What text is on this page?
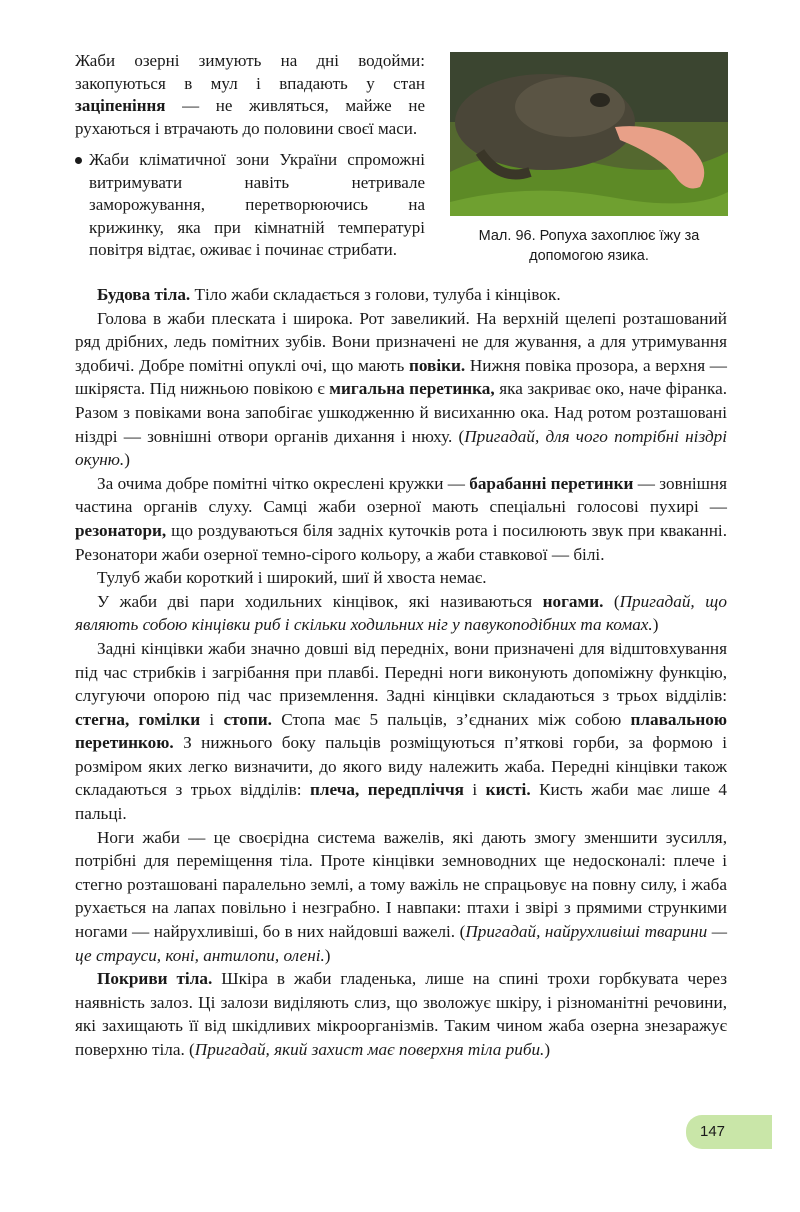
Жаби озерні зимують на дні водойми: закопуються в мул і впадають у стан заціпеніння — не живляться, майже не рухаються і втрачають до половини своєї маси.

Жаби кліматичної зони України спроможні витримувати навіть нетривале заморожування, перетворюючись на крижинку, яка при кімнатній температурі повітря відтає, оживає і починає стрибати.

Мал. 96. Ропуха захоплює їжу за допомогою язика.

Будова тіла. Тіло жаби складається з голови, тулуба і кінцівок.

Голова в жаби плеската і широка. Рот завеликий. На верхній щелепі розташований ряд дрібних, ледь помітних зубів. Вони призначені не для жування, а для утримування здобичі. Добре помітні опуклі очі, що мають повіки. Нижня повіка прозора, а верхня — шкіряста. Під нижньою повікою є мигальна перетинка, яка закриває око, наче фіранка. Разом з повіками вона запобігає ушкодженню й висиханню ока. Над ротом розташовані ніздрі — зовнішні отвори органів дихання і нюху. (Пригадай, для чого потрібні ніздрі окуню.)

За очима добре помітні чітко окреслені кружки — барабанні перетинки — зовнішня частина органів слуху. Самці жаби озерної мають спеціальні голосові пухирі — резонатори, що роздуваються біля задніх куточків рота і посилюють звук при кваканні. Резонатори жаби озерної темно-сірого кольору, а жаби ставкової — білі.

Тулуб жаби короткий і широкий, шиї й хвоста немає.

У жаби дві пари ходильних кінцівок, які називаються ногами. (Пригадай, що являють собою кінцівки риб і скільки ходильних ніг у павукоподібних та комах.)

Задні кінцівки жаби значно довші від передніх, вони призначені для відштовхування під час стрибків і загрібання при плавбі. Передні ноги виконують допоміжну функцію, слугуючи опорою під час приземлення. Задні кінцівки складаються з трьох відділів: стегна, гомілки і стопи. Стопа має 5 пальців, з’єднаних між собою плавальною перетинкою. З нижнього боку пальців розміщуються п’яткові горби, за формою і розміром яких легко визначити, до якого виду належить жаба. Передні кінцівки також складаються з трьох відділів: плеча, передпліччя і кисті. Кисть жаби має лише 4 пальці.

Ноги жаби — це своєрідна система важелів, які дають змогу зменшити зусилля, потрібні для переміщення тіла. Проте кінцівки земноводних ще недосконалі: плече і стегно розташовані паралельно землі, а тому важіль не спрацьовує на повну силу, і жаба рухається на лапах повільно і незграбно. І навпаки: птахи і звірі з прямими стрункими ногами — найрухливіші, бо в них найдовші важелі. (Пригадай, найрухливіші тварини — це страуси, коні, антилопи, олені.)

Покриви тіла. Шкіра в жаби гладенька, лише на спині трохи горбкувата через наявність залоз. Ці залози виділяють слиз, що зволожує шкіру, і різноманітні речовини, які захищають її від шкідливих мікроорганізмів. Таким чином жаба озерна знезаражує поверхню тіла. (Пригадай, який захист має поверхня тіла риби.)

147
